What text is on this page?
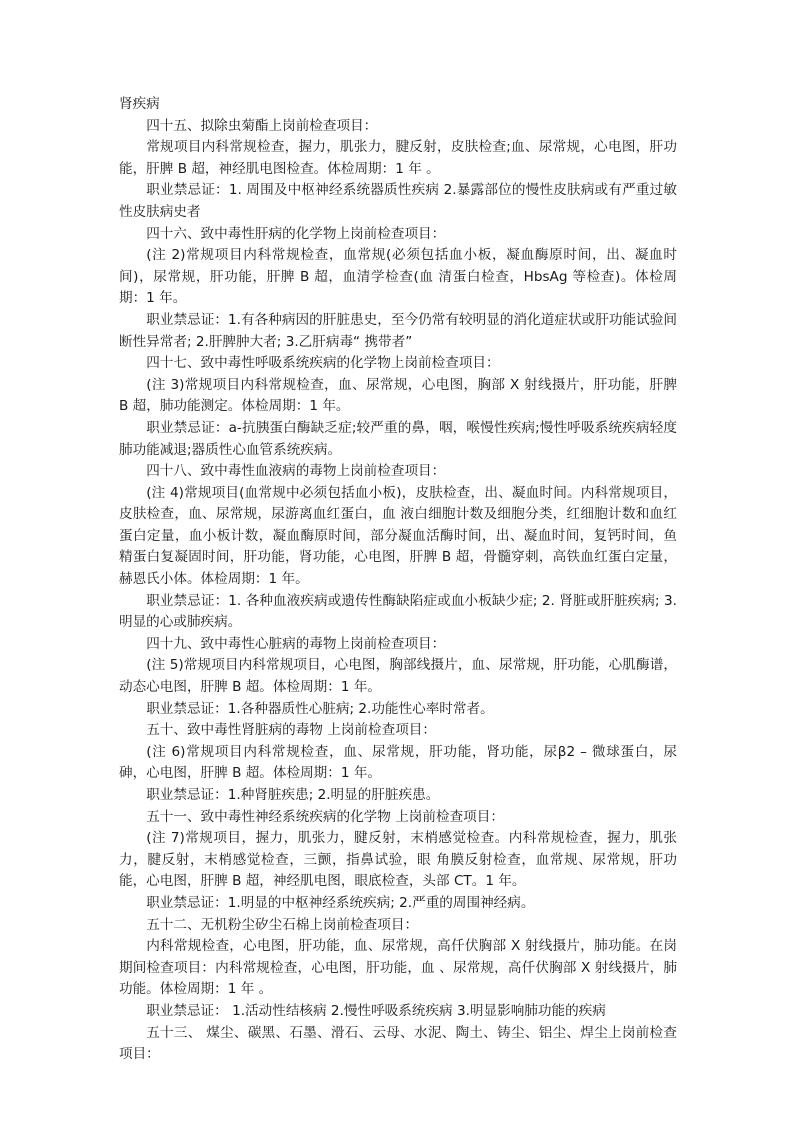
肾疾病

四十五、拟除虫菊酯上岗前检查项目：

常规项目内科常规检查，握力，肌张力，腱反射，皮肤检查;血、尿常规，心电图，肝功能，肝脾 B 超，神经肌电图检查。体检周期：1 年 。

职业禁忌证：1. 周围及中枢神经系统器质性疾病 2.暴露部位的慢性皮肤病或有严重过敏性皮肤病史者

四十六、致中毒性肝病的化学物上岗前检查项目：

(注 2)常规项目内科常规检查，血常规(必须包括血小板，凝血酶原时间，出、凝血时间)，尿常规，肝功能，肝脾 B 超，血清学检查(血 清蛋白检查，HbsAg 等检查)。体检周期：1 年。

职业禁忌证：1.有各种病因的肝脏患史，至今仍常有较明显的消化道症状或肝功能试验间断性异常者; 2.肝脾肿大者; 3.乙肝病毒“ 携带者”

四十七、致中毒性呼吸系统疾病的化学物上岗前检查项目：

(注 3)常规项目内科常规检查，血、尿常规，心电图，胸部 X 射线摄片，肝功能，肝脾 B 超，肺功能测定。体检周期：1 年。

职业禁忌证：a-抗胰蛋白酶缺乏症;较严重的鼻，咽，喉慢性疾病;慢性呼吸系统疾病轻度肺功能减退;器质性心血管系统疾病。

四十八、致中毒性血液病的毒物上岗前检查项目：

(注 4)常规项目(血常规中必须包括血小板)，皮肤检查，出、凝血时间。内科常规项目，皮肤检查，血、尿常规，尿游离血红蛋白，血 液白细胞计数及细胞分类，红细胞计数和血红蛋白定量，血小板计数，凝血酶原时间，部分凝血活酶时间，出、凝血时间，复钙时间，鱼 精蛋白复凝固时间，肝功能，肾功能，心电图，肝脾 B 超，骨髓穿刺，高铁血红蛋白定量，赫恩氏小体。体检周期：1 年。

职业禁忌证：1. 各种血液疾病或遗传性酶缺陷症或血小板缺少症; 2. 肾脏或肝脏疾病; 3.明显的心或肺疾病。

四十九、致中毒性心脏病的毒物上岗前检查项目：

(注 5)常规项目内科常规项目，心电图，胸部线摄片，血、尿常规，肝功能，心肌酶谱，动态心电图，肝脾 B 超。体检周期：1 年。

职业禁忌证：1.各种器质性心脏病; 2.功能性心率时常者。

五十、致中毒性肾脏病的毒物 上岗前检查项目：

(注 6)常规项目内科常规检查，血、尿常规，肝功能，肾功能，尿β2 – 微球蛋白，尿砷，心电图，肝脾 B 超。体检周期：1 年。

职业禁忌证：1.种肾脏疾患; 2.明显的肝脏疾患。

五十一、致中毒性神经系统疾病的化学物 上岗前检查项目：

(注 7)常规项目，握力，肌张力，腱反射，末梢感觉检查。内科常规检查，握力，肌张力，腱反射，末梢感觉检查，三颤，指鼻试验，眼 角膜反射检查，血常规、尿常规，肝功能，心电图，肝脾 B 超，神经肌电图，眼底检查，头部 CT。1 年。

职业禁忌证：1.明显的中枢神经系统疾病; 2.严重的周围神经病。

五十二、无机粉尘矽尘石棉上岗前检查项目：

内科常规检查，心电图，肝功能，血、尿常规，高仟伏胸部 X 射线摄片，肺功能。在岗期间检查项目：内科常规检查，心电图，肝功能，血 、尿常规，高仟伏胸部 X 射线摄片，肺功能。体检周期：1 年 。

职业禁忌证： 1.活动性结核病 2.慢性呼吸系统疾病 3.明显影响肺功能的疾病

五十三、 煤尘、碳黑、石墨、滑石、云母、水泥、陶土、铸尘、铝尘、焊尘上岗前检查项目：
